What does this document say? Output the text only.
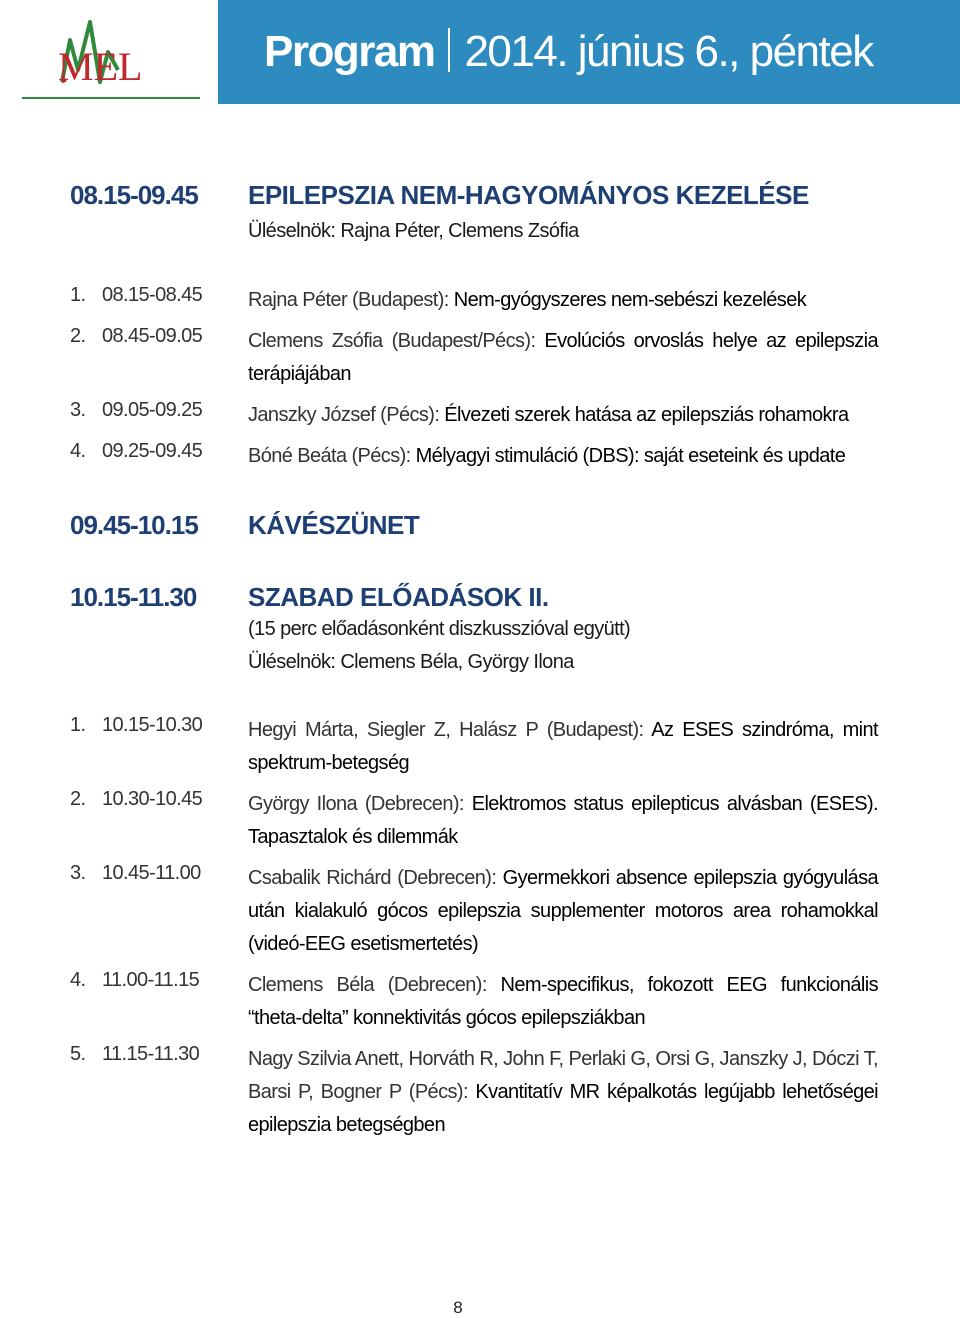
MEL	Program 2014. június 6., péntek
08.15-09.45	EPILEPSZIA NEM-HAGYOMÁNYOS KEZELÉSE
Üléselnök: Rajna Péter, Clemens Zsófia
1. 08.15-08.45	Rajna Péter (Budapest): Nem-gyógyszeres nem-sebészi kezelések
2. 08.45-09.05	Clemens Zsófia (Budapest/Pécs): Evolúciós orvoslás helye az epilepszia terápiájában
3. 09.05-09.25	Janszky József (Pécs): Élvezeti szerek hatása az epilepsziás rohamokra
4. 09.25-09.45	Bóné Beáta (Pécs): Mélyagyi stimuláció (DBS): saját eseteink és update
09.45-10.15	KÁVÉSZÜNET
10.15-11.30	SZABAD ELŐADÁSOK II.
(15 perc előadásonként diszkusszióval együtt)
Üléselnök: Clemens Béla, György Ilona
1. 10.15-10.30	Hegyi Márta, Siegler Z, Halász P (Budapest): Az ESES szindróma, mint spektrum-betegség
2. 10.30-10.45	György Ilona (Debrecen): Elektromos status epilepticus alvásban (ESES). Tapasztalok és dilemmák
3. 10.45-11.00	Csabalik Richárd (Debrecen): Gyermekkori absence epilepszia gyógyulása után kialakuló gócos epilepszia supplementer motoros area rohamokkal (videó-EEG esetismertetés)
4. 11.00-11.15	Clemens Béla (Debrecen): Nem-specifikus, fokozott EEG funkcionális “theta-delta” konnektivitás gócos epilepsziákban
5. 11.15-11.30	Nagy Szilvia Anett, Horváth R, John F, Perlaki G, Orsi G, Janszky J, Dóczi T, Barsi P, Bogner P (Pécs): Kvantitatív MR képalkotás legújabb lehetőségei epilepszia betegségben
8
